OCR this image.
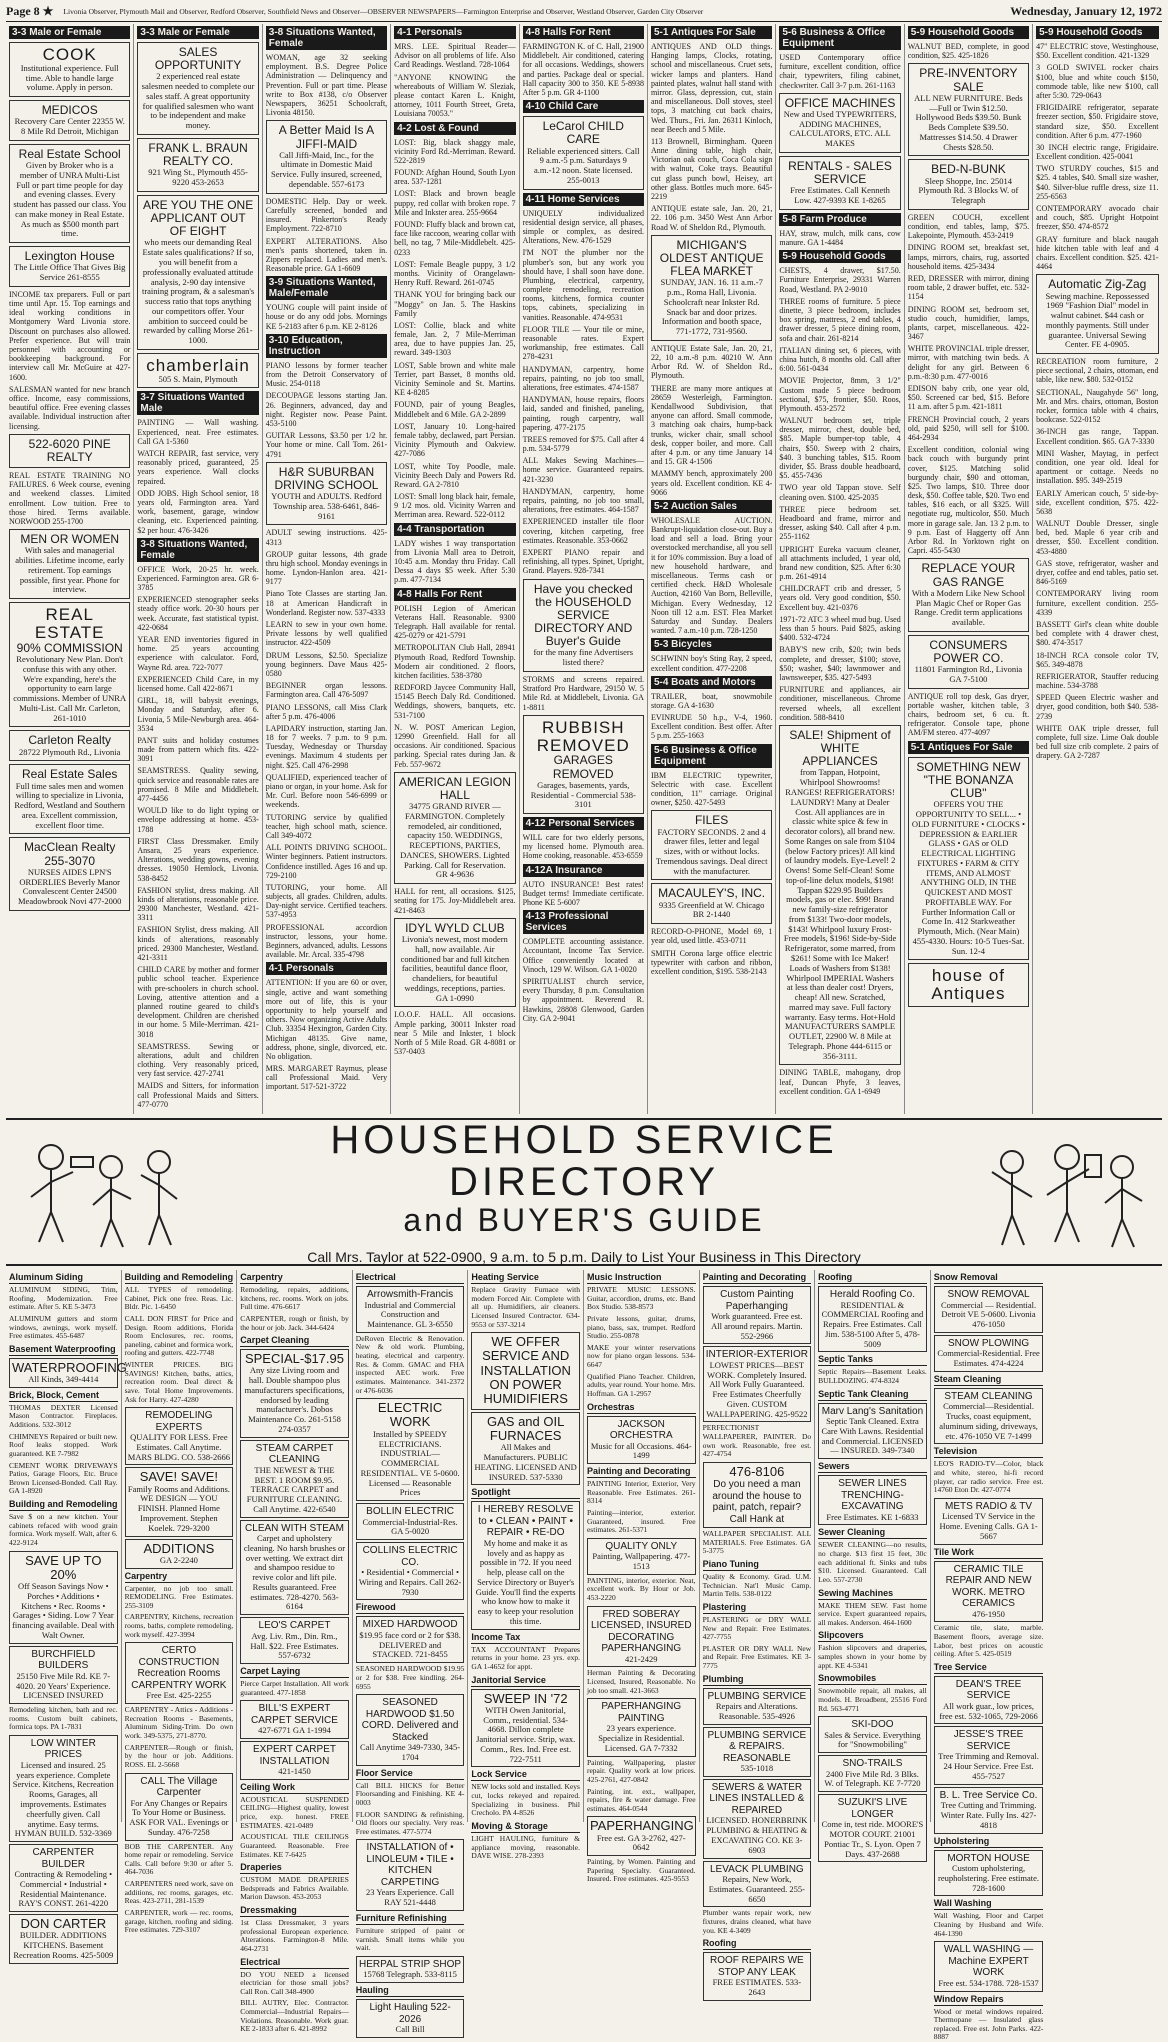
Page 8 ★ Livonia Observer, Plymouth Mail and Observer, Redford Observer, Southfield News and Observer—OBSERVER NEWSPAPERS—Farmington Enterprise and Observer, Westland Observer, Garden City Observer	Wednesday, January 12, 1972
3-3 Male or Female
COOK
Institutional experience. Full time. Able to handle large volume. Apply in person.
MEDICOS
Recovery Care Center 22355 W. 8 Mile Rd Detroit, Michigan
Real Estate School
Given by Broker who is a member of UNRA Multi-List Full or part time people for day and evening classes. Every student has passed our class. You can make money in Real Estate. As much as $500 month part time.
Lexington House
The Little Office That Gives Big Service 261-8555
INCOME tax preparers. Full or part time until Apr. 15. Top earnings and ideal working conditions in Montgomery Ward Livonia store. Discount on purchases also allowed. Prefer experience. But will train personnel with accounting or bookkeeping background. For interview call Mr. McGuire at 427-1600.
SALESMAN wanted for new branch office. Income, easy commissions, beautiful office. Free evening classes available. Individual instruction after licensing.
522-6020 PINE REALTY
REAL ESTATE TRAINING NO FAILURES. 6 Week course, evening and weekend classes. Limited enrollment. Low tuition. Free to those hired. Terms available. NORWOOD 255-1700
MEN OR WOMEN
With sales and managerial abilities. Lifetime income, early retirement. Top earnings possible, first year. Phone for interview.
REAL ESTATE
90% COMMISSION
Revolutionary New Plan. Don't confuse this with any other. We're expanding, here's the opportunity to earn large commissions. Member of UNRA Multi-List. Call Mr. Carleton, 261-1010
Carleton Realty
28722 Plymouth Rd., Livonia
Real Estate Sales
Full time sales men and women willing to specialize in Livonia, Redford, Westland and Southern area. Excellent commission, excellent floor time.
MacClean Realty 255-3070
NURSES AIDES LPN'S ORDERLIES Beverly Manor Convalescent Center 24500 Meadowbrook Novi 477-2000
3-3 Male or Female
SALES OPPORTUNITY
2 experienced real estate salesmen needed to complete our sales staff. A great opportunity for qualified salesmen who want to be independent and make money.
FRANK L. BRAUN REALTY CO.
921 Wing St., Plymouth 455-9220 453-2653
ARE YOU THE ONE APPLICANT OUT OF EIGHT
who meets our demanding Real Estate sales qualifications? If so, you will benefit from a professionally evaluated attitude analysis, 2-90 day intensive training program, & a salesman's success ratio that tops anything our competitors offer. Your ambition to succeed could be rewarded by calling Morse 261-1000.
chamberlain
505 S. Main, Plymouth
3-7 Situations Wanted Male
PAINTING — Wall washing. Experienced, neat. Free estimates. Call GA 1-5360
WATCH REPAIR, fast service, very reasonably priced, guaranteed, 25 years experience. Wall clocks repaired.
ODD JOBS. High School senior, 18 years old, Farmington area. Yard work, basement, garage, window cleaning, etc. Experienced painting. $2 per hour. 476-3426
3-8 Situations Wanted, Female
OFFICE Work, 20-25 hr. week. Experienced. Farmington area. GR 6-3785
EXPERIENCED stenographer seeks steady office work. 20-30 hours per week. Accurate, fast statistical typist. 422-0684
YEAR END inventories figured in home. 25 years accounting experience with calculator. Ford, Wayne Rd. area. 722-7077
EXPERIENCED Child Care, in my licensed home. Call 422-8671
GIRL, 18, will babysit evenings, Monday and Saturday, after 6. Livonia, 5 Mile-Newburgh area. 464-3534
PANT suits and holiday costumes made from pattern which fits. 422-3091
SEAMSTRESS. Quality sewing, quick service and reasonable rates are promised. 8 Mile and Middlebelt. 477-4456
WOULD like to do light typing or envelope addressing at home. 453-1788
FIRST Class Dressmaker. Emily Ansara, 25 years experience. Alterations, wedding gowns, evening dresses. 19050 Hemlock, Livonia. 538-8452
FASHION stylist, dress making. All kinds of alterations, reasonable price. 29300 Manchester, Westland. 421-3311
FASHION Stylist, dress making. All kinds of alterations, reasonably priced. 29300 Manchester, Westland. 421-3311
CHILD CARE by mother and former public school teacher. Experience with pre-schoolers in church school. Loving, attentive attention and a planned routine geared to child's development. Children are cherished in our home. 5 Mile-Merriman. 421-3018
SEAMSTRESS. Sewing or alterations, adult and children clothing. Very reasonably priced, very fast service. 427-2741
MAIDS and Sitters, for information call Professional Maids and Sitters. 477-0770
3-8 Situations Wanted, Female
WOMAN, age 32 seeking employment. B.S. Degree Police Administration — Delinquency and Prevention. Full or part time. Please write to Box #138, c/o Observer Newspapers, 36251 Schoolcraft, Livonia 48150.
A Better Maid Is A JIFFI-MAID
Call Jiffi-Maid, Inc., for the ultimate in Domestic Maid Service. Fully insured, screened, dependable. 557-6173
DOMESTIC Help. Day or week. Carefully screened, bonded and insured. Pinkerton's Ready Employment. 722-8710
EXPERT ALTERATIONS. Also men's pants shortened, taken in. Zippers replaced. Ladies and men's. Reasonable price. GA 1-6609
3-9 Situations Wanted, Male/Female
YOUNG couple will paint inside of house or do any odd jobs. Mornings KE 5-2183 after 6 p.m. KE 2-8126
3-10 Education, Instruction
PIANO lessons by former teacher from the Detroit Conservatory of Music. 254-0118
DECOUPAGE lessons starting Jan. 26. Beginners, advanced, day and night. Register now. Pease Paint. 453-5100
GUITAR Lessons, $3.50 per 1/2 hr. Your home or mine. Call Tom. 261-4791
H&R SUBURBAN DRIVING SCHOOL
YOUTH and ADULTS. Redford Township area. 538-6461, 846-9161
ADULT sewing instructions. 425-4313
GROUP guitar lessons, 4th grade thru high school. Monday evenings in home. Lyndon-Hanlon area. 421-9177
Piano Tote Classes are starting Jan. 18 at American Handicraft in Wonderland. Register now. 537-4333
LEARN to sew in your own home. Private lessons by well qualified instructor. 422-4509
DRUM Lessons, $2.50. Specialize young beginners. Dave Maus 425-0580
BEGINNER organ lessons. Farmington area. Call 476-5097
PIANO LESSONS, call Miss Clark after 5 p.m. 476-4006
LAPIDARY instruction, starting Jan. 18 for 7 weeks. 7 p.m. to 9 p.m. Tuesday, Wednesday or Thursday evenings. Maximum 4 students per night. $25. Call 476-2998
QUALIFIED, experienced teacher of piano or organ, in your home. Ask for Mr. Curl. Before noon 546-6999 or weekends.
TUTORING service by qualified teacher, high school math, science. Call 349-4072
ALL POINTS DRIVING SCHOOL. Winter beginners. Patient instructors. Confidence instilled. Ages 16 and up. 729-2100
TUTORING, your home. All subjects, all grades. Children, adults. Day-night service. Certified teachers. 537-4953
PROFESSIONAL accordion instructor, lessons, your home. Beginners, advanced, adults. Lessons available. Mr. Arcal. 335-4798
4-1 Personals
ATTENTION: If you are 60 or over, single, active and want something more out of life, this is your opportunity to help yourself and others. Now organizing Active Adults Club. 33354 Hexington, Garden City. Michigan 48135. Give name, address, phone, single, divorced, etc. No obligation.
MRS. MARGARET Raymus, please call Professional Maid. Very important. 517-521-3722
4-1 Personals
MRS. LEE. Spiritual Reader—Advisor on all problems of life. Also Card Readings. Westland. 728-1064
"ANYONE KNOWING the whereabouts of William W. Sleziak, please contact Karen L. Knight, attorney, 1011 Fourth Street, Greta, Louisiana 70053."
4-2 Lost & Found
LOST: Big, black shaggy male, vicinity Ford Rd.-Merriman. Reward. 522-2819
FOUND: Afghan Hound, South Lyon area. 537-1281
LOST: Black and brown beagle puppy, red collar with broken rope. 7 Mile and Inkster area. 255-9664
FOUND: Fluffy black and brown cat, face like raccoon, wearing collar with bell, no tag, 7 Mile-Middlebelt. 425-0233
LOST: Female Beagle puppy, 3 1/2 months. Vicinity of Orangelawn-Henry Ruff. Reward. 261-0745
THANK YOU for bringing back our "Moggy" on Jan. 5. The Haskins Family
LOST: Collie, black and white female, Jan. 2, 7 Mile-Merriman area, due to have puppies Jan. 25, reward. 349-1303
LOST, Sable brown and white male Terrier, part Basset, 8 months old. Vicinity Seminole and St. Martins. KE 4-8285
FOUND, pair of young Beagles, Middlebelt and 6 Mile. GA 2-2899
LOST, January 10. Long-haired female tabby, declawed, part Persian. Vicinity Plymouth and Oakview. 427-7086
LOST, white Toy Poodle, male. Vicinity Beech Daly and Powers Rd. Reward. GA 2-7810
LOST: Small long black hair, female, 9 1/2 mos. old. Vicinity Warren and Merriman area. Reward. 522-0112
4-4 Transportation
LADY wishes 1 way transportation from Livonia Mall area to Detroit, 10:45 a.m. Monday thru Friday. Call Dessa 4 days $5 week. After 5:30 p.m. 477-7134
4-8 Halls For Rent
POLISH Legion of American Veterans Hall. Reasonable. 9300 Telegraph. Hall available for rental. 425-0279 or 421-5791
METROPOLITAN Club Hall, 28941 Plymouth Road, Redford Township. Modern air conditioned. 2 floors, kitchen facilities. 538-3780
REDFORD Jaycee Community Hall, 15145 Beech Daly Rd. Conditioned. Weddings, showers, banquets, etc. 531-7100
N. W. POST American Legion, 12990 Greenfield. Hall for all occasions. Air conditioned. Spacious parking. Special rates during Jan. & Feb. 557-9672
AMERICAN LEGION HALL
34775 GRAND RIVER — FARMINGTON. Completely remodeled, air conditioned, capacity 150. WEDDINGS, RECEPTIONS, PARTIES, DANCES, SHOWERS. Lighted Parking. Call for Reservation. GR 4-9636
HALL for rent, all occasions. $125, seating for 175. Joy-Middlebelt area. 421-8463
IDYL WYLD CLUB
Livonia's newest, most modern hall, now available. Air conditioned bar and full kitchen facilities, beautiful dance floor, chandeliers, for beautiful weddings, receptions, parties. GA 1-0990
I.O.O.F. HALL. All occasions. Ample parking, 30011 Inkster road near 5 Mile and Inkster, 1 block North of 5 Mile Road. GR 4-8081 or 537-0403
4-8 Halls For Rent
FARMINGTON K. of C. Hall, 21900 Middlebelt. Air conditioned, catering for all occasions. Weddings, showers and parties. Package deal or special. Hall capacity 300 to 350. KE 5-8938 After 5 p.m. GR 4-1100
4-10 Child Care
LeCarol CHILD CARE
Reliable experienced sitters. Call 9 a.m.-5 p.m. Saturdays 9 a.m.-12 noon. State licensed. 255-0013
4-11 Home Services
UNIQUELY individualized residential design service, all phases, simple or complex, as desired. Alterations, New. 476-1529
I'M NOT the plumber nor the plumber's son, but any work you should have, I shall soon have done. Plumbing, electrical, carpentry, complete remodeling, recreation rooms, kitchens, formica counter tops, cabinets, specializing in vanities. Reasonable. 474-9531
FLOOR TILE — Your tile or mine, reasonable rates. Expert workmanship, free estimates. Call 278-4231
HANDYMAN, carpentry, home repairs, painting, no job too small, alterations, free estimates. 474-1587
HANDYMAN, house repairs, floors laid, sanded and finished, paneling, painting, rough carpentry, wall papering. 477-2175
TREES removed for $75. Call after 4 p.m. 534-5779
ALL Makes Sewing Machines—home service. Guaranteed repairs. 421-3230
HANDYMAN, carpentry, home repairs, painting, no job too small, alterations, free estimates. 464-1587
EXPERIENCED installer tile floor covering, kitchen carpeting, free estimates. Reasonable. 353-0662
EXPERT PIANO repair and refinishing, all types. Spinet, Upright, Grand. Players. 928-7341
Have you checked the HOUSEHOLD SERVICE DIRECTORY AND Buyer's Guide
for the many fine Advertisers listed there?
STORMS and screens repaired. Stratford Pro Hardware, 29150 W. 5 Mile Rd. at Middlebelt, Livonia. GA 1-8811
RUBBISH REMOVED
GARAGES REMOVED
Garages, basements, yards, Residential - Commercial 538-3101
4-12 Personal Services
WILL care for two elderly persons, my licensed home. Plymouth area. Home cooking, reasonable. 453-6559
4-12A Insurance
AUTO INSURANCE! Best rates! Budget terms! Immediate certificate. Phone KE 5-6007
4-13 Professional Services
COMPLETE accounting assistance. Accountant, Income Tax Service. Office conveniently located at Vinoch, 129 W. Wilson. GA 1-0020
SPIRITUALIST church service, every Thursday, 8 p.m. Consultation by appointment. Reverend R. Hawkins, 28808 Glenwood, Garden City. GA 2-9041
5-1 Antiques For Sale
ANTIQUES AND OLD things. Hanging lamps, Clocks, rotating, school and miscellaneous. Cruet sets, wicker lamps and planters. Hand painted plates, walnut hall stand with mirror. Glass, depression, cut, stain and miscellaneous. Doll stoves, steel tops, 3 matching cut back chairs, Wed. Thurs., Fri. Jan. 26311 Kinloch, near Beech and 5 Mile.
113 Brownell, Birmingham. Queen Anne dining table, high chair, Victorian oak couch, Coca Cola sign with walnut, Coke trays. Beautiful cut glass punch bowl, Heisey, art other glass. Bottles much more. 645-2219
ANTIQUE estate sale, Jan. 20, 21, 22. 106 p.m. 3450 West Ann Arbor Road W. of Sheldon Rd., Plymouth.
MICHIGAN'S OLDEST ANTIQUE FLEA MARKET
SUNDAY, JAN. 16. 11 a.m.-7 p.m., Roma Hall, Livonia. Schoolcraft near Inkster Rd. Snack bar and door prizes. Information and booth space, 771-1772, 731-9560.
ANTIQUE Estate Sale, Jan. 20, 21, 22, 10 a.m.-8 p.m. 40210 W. Ann Arbor Rd. W. of Sheldon Rd., Plymouth.
THERE are many more antiques at 28659 Westerleigh, Farmington. Kendallwood Subdivision, that anyone can afford. Small commode, 3 matching oak chairs, hump-back trunks, wicker chair, small school desk, copper boiler, and more. Call after 4 p.m. or any time January 14 and 15. GR 4-1506
MAMMY bench, approximately 200 years old. Excellent condition. KE 4-9066
5-2 Auction Sales
WHOLESALE AUCTION. Bankrupt-liquidation close-out. Buy a load and sell a load. Bring your overstocked merchandise, all you sell it for 10% commission. Buy a load of new household hardware, and miscellaneous. Terms cash or certified check. H&D Wholesale Auction, 42160 Van Born, Belleville, Michigan. Every Wednesday, 12 Noon till 12 a.m. EST. Flea Market Saturday and Sunday. Dealers wanted. 7 a.m.-10 p.m. 728-1250
5-3 Bicycles
SCHWINN boy's Sting Ray, 2 speed, excellent condition. 477-2208
5-4 Boats and Motors
TRAILER, boat, snowmobile storage. GA 4-1630
EVINRUDE 50 h.p., V-4, 1960. Excellent condition. Best offer. After 5 p.m. 255-1663
5-6 Business & Office Equipment
IBM ELECTRIC typewriter, Selectric with case. Excellent condition, 11" carriage. Original owner, $250. 427-5493
FILES
FACTORY SECONDS. 2 and 4 drawer files, letter and legal sizes, with or without locks. Tremendous savings. Deal direct with the manufacturer.
MACAULEY'S, INC.
9335 Greenfield at W. Chicago BR 2-1440
RECORD-O-PHONE, Model 69, 1 year old, used little. 453-0711
SMITH Corona large office electric typewriter with carbon and ribbon, excellent condition, $195. 538-2143
5-6 Business & Office Equipment
USED Contemporary office furniture, excellent condition, office chair, typewriters, filing cabinet, checkwriter. Call 3-7 p.m. 261-1163
OFFICE MACHINES
New and Used TYPEWRITERS, ADDING MACHINES, CALCULATORS, ETC. ALL MAKES
RENTALS - SALES SERVICE
Free Estimates. Call Kenneth Low. 427-9393 KE 1-8265
5-8 Farm Produce
HAY, straw, mulch, milk cans, cow manure. GA 1-4484
5-9 Household Goods
CHESTS, 4 drawer, $17.50. Furniture Enterprise, 29331 Warren Road, Westland. PA 2-9010
THREE rooms of furniture. 5 piece dinette, 3 piece bedroom, includes box spring, mattress, 2 end tables, 4 drawer dresser, 5 piece dining room, sofa and chair. 261-8214
ITALIAN dining set, 6 pieces, with china hutch, 8 months old. Call after 6:00. 561-0434
MOVIE Projector, 8mm, 3 1/2" Custom made 5 piece bedroom sectional, $75, frontier, $50. Roos, Plymouth. 453-2572
WALNUT bedroom set, triple dresser, mirror, chest, double bed, $85. Maple bumper-top table, 4 chairs, $50. Sweep with 2 chairs, $40. 3 bunching tables, $15. Room divider, $5. Brass double headboard, $5. 455-7436
TWO year old Tappan stove. Self cleaning oven. $100. 425-2035
THREE piece bedroom set. Headboard and frame, mirror and dresser, asking $40. Call after 4 p.m. 255-1162
UPRIGHT Eureka vacuum cleaner, all attachments included, 1 year old, brand new condition, $25. After 6:30 p.m. 261-4914
CHILDCRAFT crib and dresser, 5 years old. Very good condition, $50. Excellent buy. 421-0376
1971-72 ATC 3 wheel mud bug. Used less than 5 hours. Paid $825, asking $400. 532-4724
BABY'S new crib, $20; twin beds complete, and dresser, $100; stove, $50; washer, $40; lawnmower and lawnsweeper, $35. 427-5493
FURNITURE and appliances, air conditioner, miscellaneous. Chrome reversed wheels, all excellent condition. 588-8410
SALE! Shipment of WHITE APPLIANCES
from Tappan, Hotpoint, Whirlpool Showrooms! RANGES! REFRIGERATORS! LAUNDRY! Many at Dealer Cost. All appliances are in classic white spice & few in decorator colors), all brand new. Some Ranges on sale from $104 (below Factory prices)! All kind of laundry models. Eye-Level! 2 Ovens! Some Self-Clean! Some top-of-line delux models, $198! Tappan $229.95 Builders models, gas or elec. $99! Brand new family-size refrigerator from $133! Two-door models, $143! Whirlpool luxury Frost-Free models, $196! Side-by-Side Refrigerator, some marred, from $261! Some with Ice Maker! Loads of Washers from $138! Whirlpool IMPERIAL Washers at less than dealer cost! Dryers, cheap! All new. Scratched, marred may save. Full factory warranty. Easy terms. Hot+Hold MANUFACTURERS SAMPLE OUTLET, 22900 W. 8 Mile at Telegraph. Phone 444-6115 or 356-3111.
DINING TABLE, mahogany, drop leaf, Duncan Phyfe, 3 leaves, excellent condition. GA 1-6949
5-9 Household Goods
WALNUT BED, complete, in good condition, $25. 425-1826
PRE-INVENTORY SALE
ALL NEW FURNITURE. Beds—Full or Twin $12.50. Hollywood Beds $39.50. Bunk Beds Complete $39.50. Mattresses $14.50. 4 Drawer Chests $28.50.
BED-N-BUNK
Sleep Shoppe, Inc. 25014 Plymouth Rd. 3 Blocks W. of Telegraph
GREEN COUCH, excellent condition, end tables, lamp, $75. Lakepointe, Plymouth. 453-2419
DINING ROOM set, breakfast set, lamps, mirrors, chairs, rug, assorted household items. 425-3434
RED, DRESSER with mirror, dining room table, 2 drawer buffet, etc. 532-1154
DINING ROOM set, bedroom set, studio couch, humidifier, lamps, plants, carpet, miscellaneous. 422-3467
WHITE PROVINCIAL triple dresser, mirror, with matching twin beds. A delight for any girl. Between 6 p.m.-8:30 p.m. 477-0016
EDISON baby crib, one year old, $50. Screened car bed, $15. Before 11 a.m. after 5 p.m. 421-1811
FRENCH Provincial couch, 2 years old, paid $250, will sell for $100. 464-2934
Excellent condition, colonial wing back couch with burgundy print cover, $125. Matching solid burgundy chair, $90 and ottoman, $25. Two lamps, $10. Three door desk, $50. Coffee table, $20. Two end tables, $16 each, or all $325. Will negotiate rug, multicolor, $50. Much more in garage sale. Jan. 13 2 p.m. to 9 p.m. East of Haggerty off Ann Arbor Rd. In Yorktown right on Capri. 455-5430
REPLACE YOUR GAS RANGE
With a Modern Like New School Plan Magic Chef or Roper Gas Range. Credit term applications available.
CONSUMERS POWER CO.
11801 Farmington Rd., Livonia GA 7-5100
ANTIQUE roll top desk, Gas dryer, portable washer, kitchen table, 3 chairs, bedroom set, 6 cu. ft. refrigerator. Console tape, phone AM/FM stereo. 477-4097
5-1 Antiques For Sale
SOMETHING NEW "THE BONANZA CLUB"
OFFERS YOU THE OPPORTUNITY TO SELL... • OLD FURNITURE • CLOCKS • DEPRESSION & EARLIER GLASS • GAS or OLD ELECTRICAL LIGHTING FIXTURES • FARM & CITY ITEMS, AND ALMOST ANYTHING OLD, IN THE QUICKEST AND MOST PROFITABLE WAY. For Further Information Call or Come In. 412 Starkweather Plymouth, Mich. (Near Main) 455-4330. Hours: 10-5 Tues-Sat. Sun. 12-4
house of Antiques
5-9 Household Goods
47" ELECTRIC stove, Westinghouse, $50. Excellent condition. 421-1329
3 GOLD SWIVEL rocker chairs $100, blue and white couch $150, commode table, like new $100, call after 5:30. 729-0643
FRIGIDAIRE refrigerator, separate freezer section, $50. Frigidaire stove, standard size, $50. Excellent condition. After 6 p.m. 477-1960
30 INCH electric range, Frigidaire. Excellent condition. 425-0041
TWO STURDY couches, $15 and $25. 4 tables, $40. Small size washer, $40. Silver-blue ruffle dress, size 11. 255-6563
CONTEMPORARY avocado chair and couch, $85. Upright Hotpoint freezer, $50. 474-8572
GRAY furniture and black naugah hide kitchen table with leaf and 4 chairs. Excellent condition. $25. 421-4464
Automatic Zig-Zag
Sewing machine. Repossessed 1969 "Fashion Dial" model in walnut cabinet. $44 cash or monthly payments. Still under guarantee. Universal Sewing Center. FE 4-0905.
RECREATION room furniture, 2 piece sectional, 2 chairs, ottoman, end table, like new. $80. 532-0152
SECTIONAL, Naugahyde 56" long, Mr. and Mrs. chairs, ottoman, Boston rocker, formica table with 4 chairs, bookcase. 522-0152
36-INCH gas range, Tappan. Excellent condition. $65. GA 7-3330
MINI Washer, Maytag, in perfect condition, one year old. Ideal for apartment or cottage. Needs no installation. $95. 349-2519
EARLY American couch, 5' side-by-side, excellent condition, $75. 422-5638
WALNUT Double Dresser, single bed, bed. Maple 6 year crib and dresser, $50. Excellent condition. 453-4880
GAS stove, refrigerator, washer and dryer, coffee and end tables, patio set. 846-5169
CONTEMPORARY living room furniture, excellent condition. 255-4339
BASSETT Girl's clean white double bed complete with 4 drawer chest, $80. 474-3517
18-INCH RCA console color TV, $65. 349-4878
REFRIGERATOR, Stauffer reducing machine. 534-3788
SPEED Queen Electric washer and dryer, good condition, both $40. 538-2739
WHITE OAK triple dresser, full complete, full size. Lime Oak double bed full size crib complete. 2 pairs of drapery. GA 2-7287
HOUSEHOLD SERVICE DIRECTORY
and BUYER'S GUIDE

Call Mrs. Taylor at 522-0900, 9 a.m. to 5 p.m. Daily to List Your Business in This Directory

Aluminum Siding
ALUMINUM SIDING, Trim, Roofing, Modernization. Free estimate. After 5. KE 5-3473
ALUMINUM gutters and storm windows, awnings, work myself. Free estimates. 455-6487
Basement Waterproofing
WATERPROOFING
All Kinds, 349-4414
Brick, Block, Cement
THOMAS DEXTER Licensed Mason Contractor. Fireplaces. Additions. 532-3012
CHIMNEYS Repaired or built new. Roof leaks stopped. Work guaranteed. KE 7-7982
CEMENT WORK DRIVEWAYS Patios, Garage Floors, Etc. Bruce Brown Licensed-Bonded. Call Ray. GA 1-8920
Building and Remodeling
Save $ on a new kitchen. Your cabinets refaced with wood grain formica. Work myself. Walt, after 6. 422-9124
SAVE UP TO 20%
Off Season Savings Now • Porches • Additions • Kitchens • Rec. Rooms • Garages • Siding. Low 7 Year financing available. Deal with Walt Owner.
BURCHFIELD BUILDERS
25150 Five Mile Rd. KE 7-4020. 20 Years' Experience. LICENSED INSURED
Remodeling kitchen, bath and rec. rooms. Custom built cabinets, formica tops. PA 1-7831
LOW WINTER PRICES
Licensed and insured. 25 years experience. Complete Service. Kitchens, Recreation Rooms, Garages, all improvements. Estimates cheerfully given. Call anytime. Easy terms. HYMAN BUILD. 532-3369
CARPENTER BUILDER
Contracting & Remodeling • Commercial • Industrial • Residential Maintenance. RAY'S CONST. 261-4220
DON CARTER
BUILDER. ADDITIONS KITCHENS. Basement Recreation Rooms. 425-5009
Building and Remodeling
ALL TYPES of remodeling. Cabinet, Pick one free. Reas. Lic. Bldr. Pic. 1-6450
CALL DON FIRST for Price and Design. Room additions, Florida Room Enclosures, rec. rooms, paneling, cabinet and formica work, roofing and gutters. 422-7748
WINTER PRICES. BIG SAVINGS! Kitchen, baths, attics, recreation room. Deal direct & save. Total Home Improvements. Ask for Harry. 427-4280
REMODELING EXPERTS
QUALITY FOR LESS. Free Estimates. Call Anytime. MARS BLDG. CO. 538-2666
SAVE! SAVE!
Family Rooms and Additions. WE DESIGN — YOU FINISH. Planned Home Improvement. Stephen Koelek. 729-3200
ADDITIONS
GA 2-2240
Carpentry
Carpenter, no job too small. REMODELING. Free Estimates. 255-3109
CARPENTRY, Kitchens, recreation rooms, baths, complete remodeling, work myself. 427-3994
CERTO CONSTRUCTION Recreation Rooms CARPENTRY WORK
Free Est. 425-2255
CARPENTRY - Attics - Additions - Recreation Rooms - Basements, Aluminum Siding-Trim. Do own work. 349-5375, 271-8770.
CARPENTER—Rough or finish, by the hour or job. Additions. ROSS. EL 2-5668
CALL The Village Carpenter
For Any Changes or Repairs To Your Home or Business. ASK FOR VAL. Evenings or Sunday. 476-7258
BOB THE CARPENTER. Any home repair or remodeling. Service Calls. Call before 9:30 or after 5. 464-7036
CARPENTERS need work, save on additions, rec rooms, garages, etc. Reas. 423-2711, 281-1539
CARPENTER, work — rec. rooms, garage, kitchen, roofing and siding. Free estimates. 729-3107
Carpentry
Remodeling, repairs, additions, kitchens, rec. rooms. Work on jobs. Full time. 476-6617
CARPENTER, rough or finish, by the hour or job. Jack. 344-6424
Carpet Cleaning
SPECIAL-$17.95
Any size Living room and hall. Double shampoo plus manufacturers specifications, endorsed by leading manufacturer's. Dobos Maintenance Co. 261-5158 274-0357
STEAM CARPET CLEANING
THE NEWEST & THE BEST. 1 ROOM $9.95. TERRACE CARPET and FURNITURE CLEANING. Call Anytime. 422-6540
CLEAN WITH STEAM
Carpet and upholstery cleaning. No harsh brushes or over wetting. We extract dirt and shampoo residue to revive color and lift pile. Results guaranteed. Free estimates. 728-4270. 563-6164
LEO'S CARPET
Avg. Liv. Rm., Din. Rm., Hall. $22. Free Estimates. 557-6732
Carpet Laying
Pierce Carpet Installation. All work guaranteed. 477-1858
BILL'S EXPERT CARPET SERVICE
427-6771 GA 1-1994
EXPERT CARPET INSTALLATION
421-1450
Ceiling Work
ACOUSTICAL SUSPENDED CEILING—Highest quality, lowest price, exp. honest. FREE ESTIMATES. 421-0489
ACOUSTICAL TILE CEILINGS Guaranteed. Reasonable. Free Estimates. KE 7-6425
Draperies
CUSTOM MADE DRAPERIES Bedspreads and Fabrics Available. Marion Dawson. 453-2053
Dressmaking
1st Class Dressmaker, 3 years professional European experience. Alterations. Farmington-8 Mile. 464-2731
Electrical
DO YOU NEED a licensed electrician for those small jobs? Call Ron. Call 348-4900
BILL AUTRY, Elec. Contractor. Commercial—Industrial Repairs—Violations. Reasonable. Work guar. KE 2-1833 after 6. 421-8992
Electrical
Arrowsmith-Francis
Industrial and Commercial Construction and Maintenance. GL 3-6550
DeRoven Electric & Renovation. New & old work. Plumbing, heating, electrical and carpentry. Res. & Comm. GMAC and FHA inspected AEC work. Free estimates. Maintenance. 341-2372 or 476-6036
ELECTRIC WORK
Installed by SPEEDY ELECTRICIANS. INDUSTRIAL—COMMERCIAL RESIDENTIAL. VE 5-0600. Licensed — Reasonable Prices
BOLLIN ELECTRIC
Commercial-Industrial-Res. GA 5-0020
COLLINS ELECTRIC CO.
• Residential • Commercial • Wiring and Repairs. Call 262-7930
Firewood
MIXED HARDWOOD
$19.95 face cord or 2 for $38. DELIVERED and STACKED. 721-8455
SEASONED HARDWOOD $19.95 or 2 for $38. Free kindling. 264-6955
SEASONED HARDWOOD $1.50 CORD. Delivered and Stacked
Call Anytime 349-7330, 345-1704
Floor Service
Call BILL HICKS for Better Floorsanding and Finishing. KE 4-0003
FLOOR SANDING & refinishing. Old floors our specialty. Very reas. Free estimates. 477-5774
INSTALLATION of • LINOLEUM • TILE • KITCHEN CARPETING
23 Years Experience. Call RAY 521-4448
Furniture Refinishing
Furniture stripped of paint or varnish. Small items while you wait.
HERPAL STRIP SHOP
15768 Telegraph. 533-8115
Hauling
Light Hauling 522-2026
Call Bill
Heating Service
Replace Gravity Furnace with modern Forced Air. Complete with all up. Humidifiers, air cleaners. Licensed Insured Contractor. 634-9553 or 537-3214
WE OFFER SERVICE AND INSTALLATION ON POWER HUMIDIFIERS
GAS and OIL FURNACES
All Makes and Manufacturers. PUBLIC HEATING. LICENSED AND INSURED. 537-5330
Spotlight
I HEREBY RESOLVE to • CLEAN • PAINT • REPAIR • RE-DO
My home and make it as lovely and as happy as possible in '72. If you need help, please call on the Service Directory or Buyer's Guide. You'll find the experts who know how to make it easy to keep your resolution this time.
Income Tax
TAX ACCOUNTANT Prepares returns in your home. 23 yrs. exp. GA 1-4652 for appt.
Janitorial Service
SWEEP IN '72
WITH Owen Janitorial, Comm., residential. 534-4668. Dillon complete Janitorial service. Strip, wax. Comm., Res. Ind. Free est. 722-7511
Lock Service
NEW locks sold and installed. Keys cut, locks rekeyed and repaired. Specializing in business. Phil Crecholo. PA 4-8526
Moving & Storage
LIGHT HAULING, furniture & appliance moving, reasonable. DAVE WISE. 278-2393
Music Instruction
PRIVATE MUSIC LESSONS. Guitar, accordion, drums, etc. Band Box Studio. 538-8573
Private lessons, guitar, drums, piano, bass, sax, trumpet. Redford Studio. 255-0878
MAKE your winter reservations now for piano organ lessons. 534-6647
Qualified Piano Teacher. Children, adults, year round. Your home. Mrs. Hoffman. GA 1-2957
Orchestras
JACKSON ORCHESTRA
Music for all Occasions. 464-1499
Painting and Decorating
PAINTING Interior, Exterior, Very Reasonable. Free Estimates. 261-8314
Painting—interior, exterior. Guaranteed, insured. Free estimates. 261-5371
QUALITY ONLY
Painting, Wallpapering. 477-1513
PAINTING, interior, exterior. Neat, excellent work. By Hour or Job. 453-2220
FRED SOBERAY LICENSED, INSURED DECORATING PAPERHANGING
421-2429
Herman Painting & Decorating Licensed, Insured, Reasonable. No job too small. 421-3663
PAPERHANGING PAINTING
23 years experience. Specialize in Residential. Licensed. GA 7-7332
Painting, Wallpapering, plaster repair. Quality work at low prices. 425-2761, 427-0842
Painting, int. ext., wallpaper, repairs, fire & water damage. Free estimates. 464-0544
PAPERHANGING
Free est. GA 3-2762, 427-0642
Painting, by Women. Painting and Papering Specialty. Guaranteed. Insured. Free estimates. 425-9553
Painting and Decorating
Custom Painting Paperhanging
Work guaranteed. Free est. All around repairs. Martin. 552-2966
INTERIOR-EXTERIOR
LOWEST PRICES—BEST WORK. Completely Insured. All Work Fully Guaranteed. Free Estimates Cheerfully Given. CUSTOM WALLPAPERING. 425-9522
PERFECTIONIST WALLPAPERER, PAINTER. Do own work. Reasonable, free est. 427-4754
476-8106
Do you need a man around the house to paint, patch, repair? Call Hank at
WALLPAPER SPECIALIST. ALL MATERIALS. Free Estimates. GA 5-3775
Piano Tuning
Quality & Economy. Grad. U.M. Technician. Nat'l Music Camp. Martin Tells. 538-0122
Plastering
PLASTERING or DRY WALL New and Repair. Free Estimates. 427-7755
PLASTER OR DRY WALL New and Repair. Free Estimates. KE 3-7775
Plumbing
PLUMBING SERVICE
Repairs and Alterations. Reasonable. 535-4926
PLUMBING SERVICE & REPAIRS. REASONABLE
535-1018
SEWERS & WATER LINES INSTALLED & REPAIRED
LICENSED. HONERBRINK PLUMBING & HEATING & EXCAVATING CO. KE 3-6903
LEVACK PLUMBING
Repairs, New Work, Estimates. Guaranteed. 255-6650
Plumber wants repair work, new fixtures, drains cleaned, what have you. KE 4-3409
Roofing
ROOF REPAIRS WE STOP ANY LEAK
FREE ESTIMATES. 533-2643
Roofing
Herald Roofing Co.
RESIDENTIAL & COMMERCIAL Roofing and Repairs. Free Estimates. Call Jim. 538-5100 After 5, 478-5009
Septic Tanks
Septic Repairs—Basement Leaks. BULLDOZING. 474-8324
Septic Tank Cleaning
Marv Lang's Sanitation
Septic Tank Cleaned. Extra Care With Lawns. Residential and Commercial. LICENSED — INSURED. 349-7340
Sewers
SEWER LINES TRENCHING-EXCAVATING
Free Estimates. KE 1-6833
Sewer Cleaning
SEWER CLEANING—no results, no charge. $13 first 15 feet, 30c each additional ft. Sinks and tubs $10. Licensed. Guaranteed. Call Leo. 557-2730
Sewing Machines
MAKE THEM SEW. Fast home service. Expert guaranteed repairs, all makes. Anderson. 464-1600
Slipcovers
Fashion slipcovers and draperies, samples shown in your home by appt. KE 4-5341
Snowmobiles
Snowmobile repair, all makes, all models. H. Broadbent, 25516 Ford Rd. 563-4771
SKI-DOO
Sales & Service. Everything for "Snowmobiling"
SNO-TRAILS
2400 Five Mile Rd. 3 Blks. W. of Telegraph. KE 7-7720
SUZUKI'S LIVE LONGER
Come in, test ride. MOORE'S MOTOR COURT. 21001 Pontiac Tr., S. Lyon. Open 7 Days. 437-2688
Snow Removal
SNOW REMOVAL
Commercial — Residential. Detroit VE 5-0600. Livonia 476-1050
SNOW PLOWING
Commercial-Residential. Free Estimates. 474-4224
Steam Cleaning
STEAM CLEANING
Commercial—Residential. Trucks, coast equipment, aluminum siding, driveways, etc. 476-1050 VE 7-1499
Television
LEO'S RADIO-TV—Color, black and white, stereo, hi-fi record player, car radio service. Free est. 14760 Eton Dr. 427-0774
METS RADIO & TV
Licensed TV Service in the Home. Evening Calls. GA 1-5667
Tile Work
CERAMIC TILE REPAIR AND NEW WORK. METRO CERAMICS
476-1950
Ceramic tile, slate, marble. Basement floors, average size. Labor, best prices on acoustic ceiling. After 5. 425-0519
Tree Service
DEAN'S TREE SERVICE
All work guar., low prices, free est. 532-1065, 729-2066
JESSE'S TREE SERVICE
Tree Trimming and Removal. 24 Hour Service. Free Est. 455-7527
B. L. Tree Service Co.
Tree Cutting and Trimming. Winter Rate. Fully Ins. 427-4818
Upholstering
MORTON HOUSE
Custom upholstering, reupholstering. Free estimate. 728-1600
Wall Washing
Wall Washing, Floor and Carpet Cleaning by Husband and Wife. 464-1390
WALL WASHING — Machine EXPERT WORK
Free est. 534-1788. 728-1537
Window Repairs
Wood or metal windows repaired. Thermopane — Insulated glass replaced. Free est. John Parks. 422-8887
